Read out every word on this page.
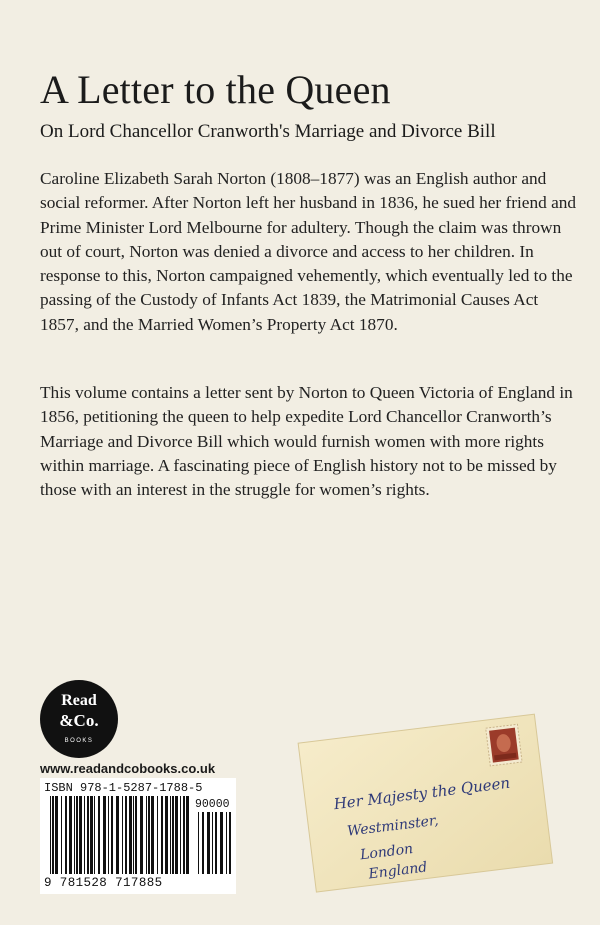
A Letter to the Queen
On Lord Chancellor Cranworth's Marriage and Divorce Bill

Caroline Elizabeth Sarah Norton (1808–1877) was an English author and social reformer. After Norton left her husband in 1836, he sued her friend and Prime Minister Lord Melbourne for adultery. Though the claim was thrown out of court, Norton was denied a divorce and access to her children. In response to this, Norton campaigned vehemently, which eventually led to the passing of the Custody of Infants Act 1839, the Matrimonial Causes Act 1857, and the Married Women’s Property Act 1870.

This volume contains a letter sent by Norton to Queen Victoria of England in 1856, petitioning the queen to help expedite Lord Chancellor Cranworth’s Marriage and Divorce Bill which would furnish women with more rights within marriage. A fascinating piece of English history not to be missed by those with an interest in the struggle for women’s rights.

Read
&Co.
BOOKS
www.readandcobooks.co.uk
ISBN 978-1-5287-1788-5
90000
9 781528 717885
Her Majesty the Queen
Westminster,
London
England
